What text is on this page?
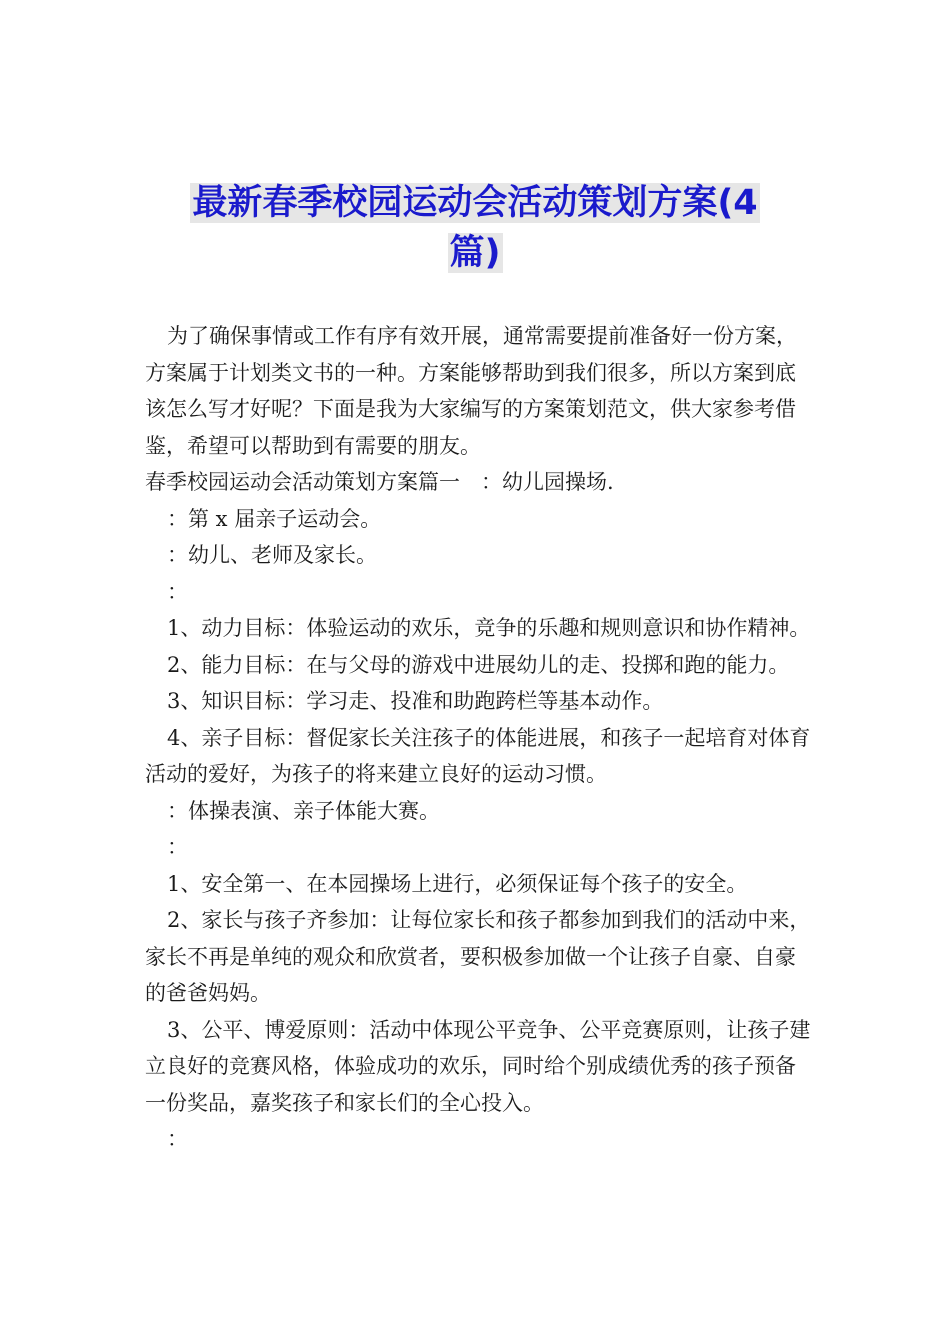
最新春季校园运动会活动策划方案(4
篇)

为了确保事情或工作有序有效开展，通常需要提前准备好一份方案，方案属于计划类文书的一种。方案能够帮助到我们很多，所以方案到底该怎么写才好呢？下面是我为大家编写的方案策划范文，供大家参考借鉴，希望可以帮助到有需要的朋友。

春季校园运动会活动策划方案篇一　：幼儿园操场.

：第 x 届亲子运动会。

：幼儿、老师及家长。

：

1、动力目标：体验运动的欢乐，竞争的乐趣和规则意识和协作精神。

2、能力目标：在与父母的游戏中进展幼儿的走、投掷和跑的能力。

3、知识目标：学习走、投准和助跑跨栏等基本动作。

4、亲子目标：督促家长关注孩子的体能进展，和孩子一起培育对体育活动的爱好，为孩子的将来建立良好的运动习惯。

：体操表演、亲子体能大赛。

：

1、安全第一、在本园操场上进行，必须保证每个孩子的安全。

2、家长与孩子齐参加：让每位家长和孩子都参加到我们的活动中来，家长不再是单纯的观众和欣赏者，要积极参加做一个让孩子自豪、自豪的爸爸妈妈。

3、公平、博爱原则：活动中体现公平竞争、公平竞赛原则，让孩子建立良好的竞赛风格，体验成功的欢乐，同时给个别成绩优秀的孩子预备一份奖品，嘉奖孩子和家长们的全心投入。

：
